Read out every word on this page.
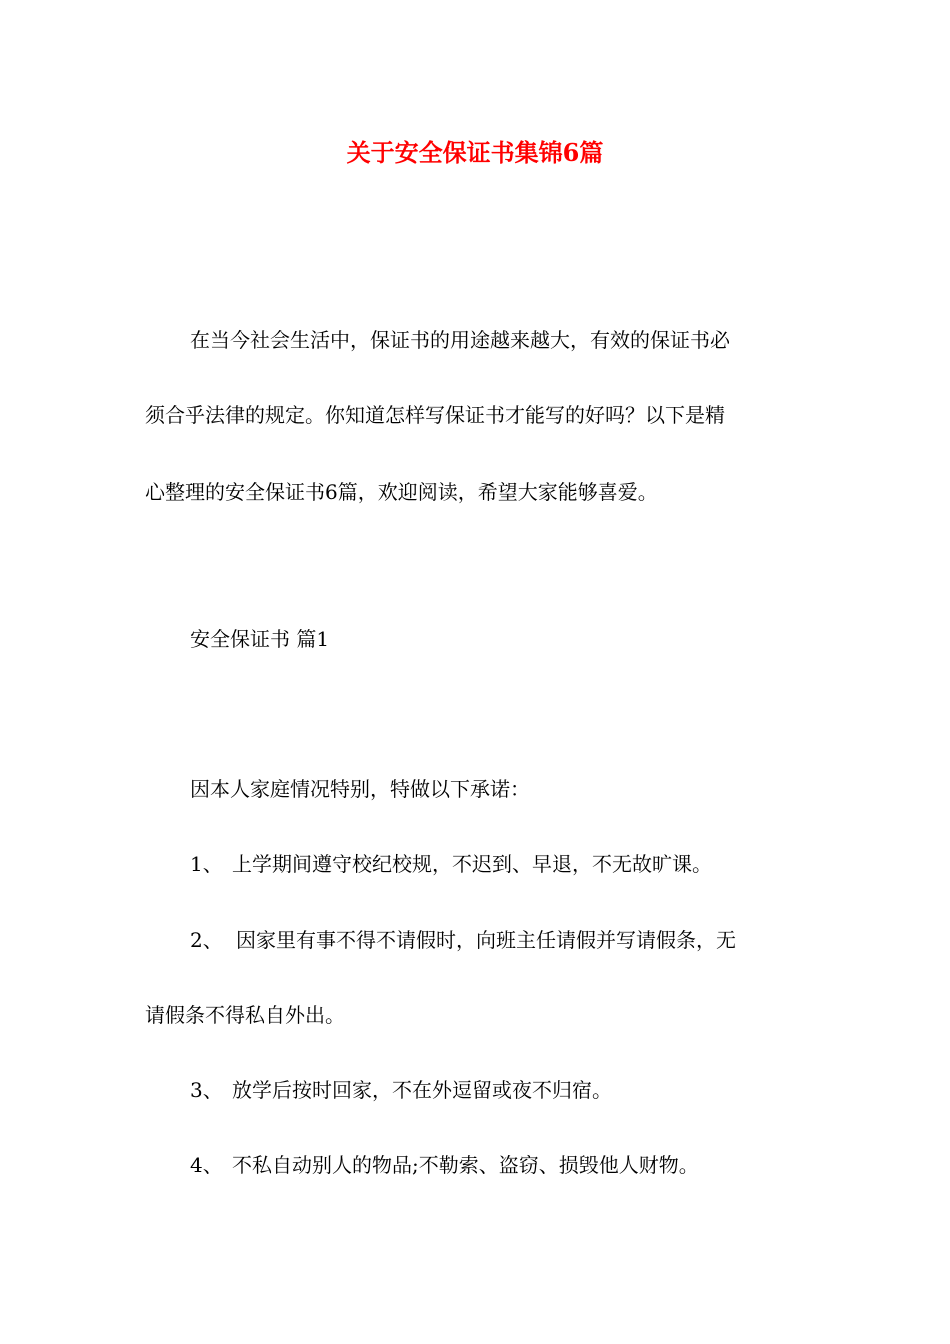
关于安全保证书集锦6篇

在当今社会生活中，保证书的用途越来越大，有效的保证书必

须合乎法律的规定。你知道怎样写保证书才能写的好吗？以下是精

心整理的安全保证书6篇，欢迎阅读，希望大家能够喜爱。

安全保证书 篇1

因本人家庭情况特别，特做以下承诺：

1、 上学期间遵守校纪校规，不迟到、早退，不无故旷课。

2、 因家里有事不得不请假时，向班主任请假并写请假条，无

请假条不得私自外出。

3、 放学后按时回家，不在外逗留或夜不归宿。

4、 不私自动别人的物品;不勒索、盗窃、损毁他人财物。
